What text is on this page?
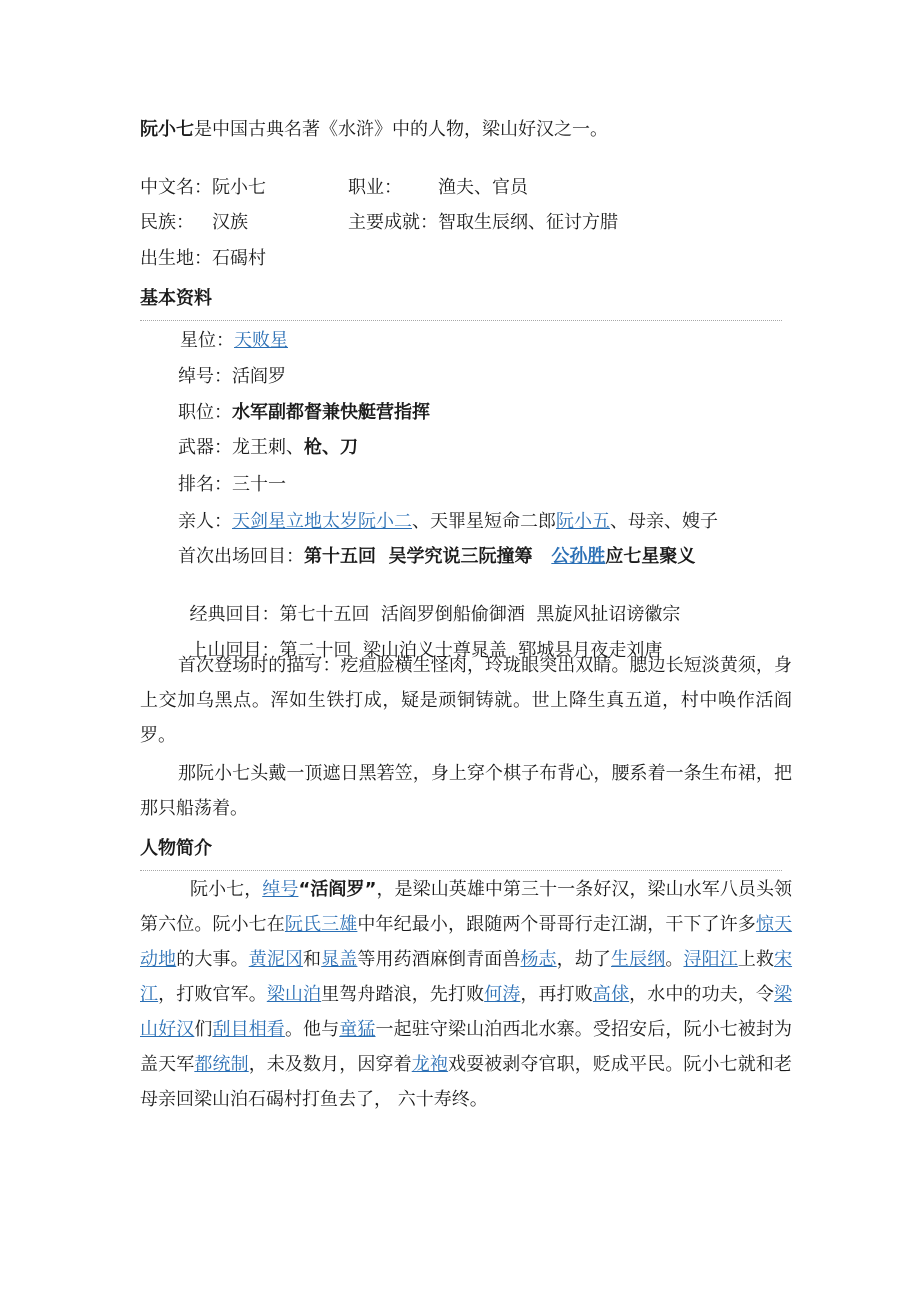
阮小七是中国古典名著《水浒》中的人物，梁山好汉之一。
中文名：阮小七	职业： 渔夫、官员
民族： 汉族	主要成就：智取生辰纲、征讨方腊
出生地：石碣村
基本资料
星位：天败星
绰号：活阎罗
职位：水军副都督兼快艇营指挥
武器：龙王刺、枪、刀
排名：三十一
亲人：天剑星立地太岁阮小二、天罪星短命二郎阮小五、母亲、嫂子
首次出场回目：第十五回  吴学究说三阮撞筹   公孙胜应七星聚义

经典回目：第七十五回  活阎罗倒船偷御酒  黑旋风扯诏谤徽宗

上山回目：第二十回  梁山泊义士尊晁盖  郓城县月夜走刘唐

首次登场时的描写：疙疸脸横生怪肉，玲珑眼突出双睛。腮边长短淡黄须，身上交加乌黑点。浑如生铁打成，疑是顽铜铸就。世上降生真五道，村中唤作活阎罗。
那阮小七头戴一顶遮日黑箬笠，身上穿个棋子布背心，腰系着一条生布裙，把那只船荡着。
人物简介
阮小七，绰号“活阎罗”，是梁山英雄中第三十一条好汉，梁山水军八员头领第六位。阮小七在阮氏三雄中年纪最小，跟随两个哥哥行走江湖，干下了许多惊天动地的大事。黄泥冈和晁盖等用药酒麻倒青面兽杨志，劫了生辰纲。浔阳江上救宋江，打败官军。梁山泊里驾舟踏浪，先打败何涛，再打败高俅，水中的功夫，令梁山好汉们刮目相看。他与童猛一起驻守梁山泊西北水寨。受招安后，阮小七被封为盖天军都统制，未及数月，因穿着龙袍戏耍被剥夺官职，贬成平民。阮小七就和老母亲回梁山泊石碣村打鱼去了， 六十寿终。
